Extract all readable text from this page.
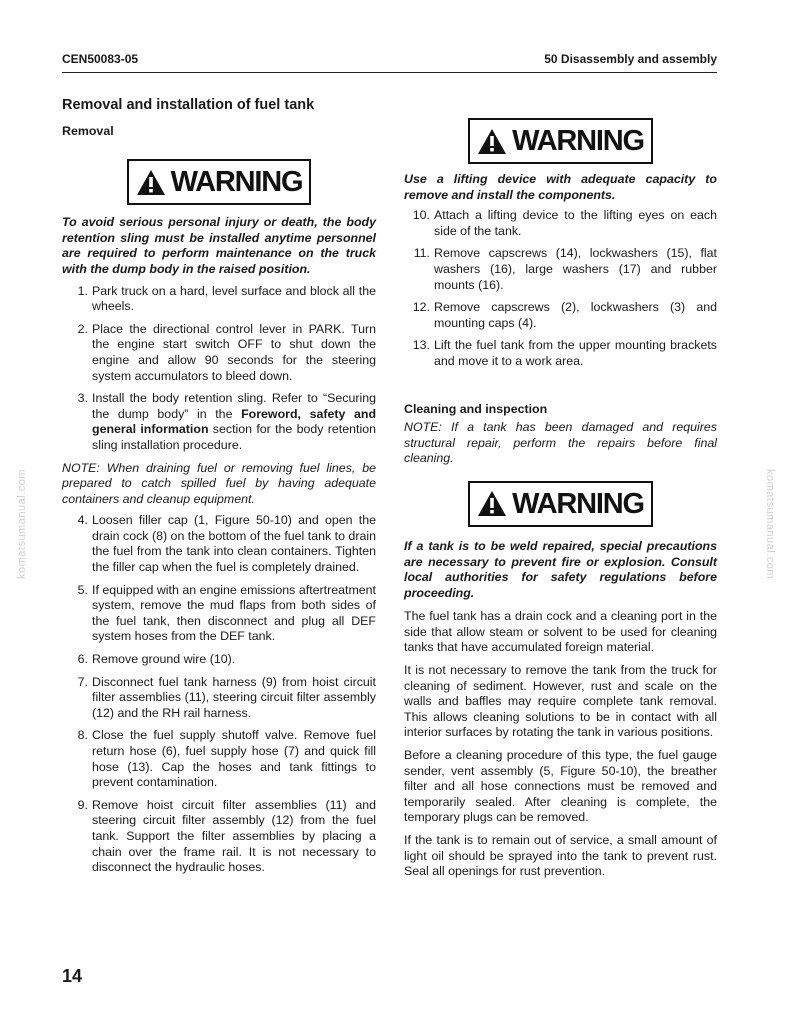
CEN50083-05	50 Disassembly and assembly
komatsumanual.com	komatsumanual.com
Removal and installation of fuel tank
Removal
WARNING

To avoid serious personal injury or death, the body retention sling must be installed anytime personnel are required to perform maintenance on the truck with the dump body in the raised position.

1. Park truck on a hard, level surface and block all the wheels.
2. Place the directional control lever in PARK. Turn the engine start switch OFF to shut down the engine and allow 90 seconds for the steering system accumulators to bleed down.
3. Install the body retention sling. Refer to “Securing the dump body” in the Foreword, safety and general information section for the body retention sling installation procedure.

NOTE: When draining fuel or removing fuel lines, be prepared to catch spilled fuel by having adequate containers and cleanup equipment.

4. Loosen filler cap (1, Figure 50-10) and open the drain cock (8) on the bottom of the fuel tank to drain the fuel from the tank into clean containers. Tighten the filler cap when the fuel is completely drained.
5. If equipped with an engine emissions aftertreatment system, remove the mud flaps from both sides of the fuel tank, then disconnect and plug all DEF system hoses from the DEF tank.
6. Remove ground wire (10).
7. Disconnect fuel tank harness (9) from hoist circuit filter assemblies (11), steering circuit filter assembly (12) and the RH rail harness.
8. Close the fuel supply shutoff valve. Remove fuel return hose (6), fuel supply hose (7) and quick fill hose (13). Cap the hoses and tank fittings to prevent contamination.
9. Remove hoist circuit filter assemblies (11) and steering circuit filter assembly (12) from the fuel tank. Support the filter assemblies by placing a chain over the frame rail. It is not necessary to disconnect the hydraulic hoses.
WARNING

Use a lifting device with adequate capacity to remove and install the components.

10. Attach a lifting device to the lifting eyes on each side of the tank.
11. Remove capscrews (14), lockwashers (15), flat washers (16), large washers (17) and rubber mounts (16).
12. Remove capscrews (2), lockwashers (3) and mounting caps (4).
13. Lift the fuel tank from the upper mounting brackets and move it to a work area.
Cleaning and inspection

NOTE: If a tank has been damaged and requires structural repair, perform the repairs before final cleaning.

WARNING

If a tank is to be weld repaired, special precautions are necessary to prevent fire or explosion. Consult local authorities for safety regulations before proceeding.

The fuel tank has a drain cock and a cleaning port in the side that allow steam or solvent to be used for cleaning tanks that have accumulated foreign material.

It is not necessary to remove the tank from the truck for cleaning of sediment. However, rust and scale on the walls and baffles may require complete tank removal. This allows cleaning solutions to be in contact with all interior surfaces by rotating the tank in various positions.

Before a cleaning procedure of this type, the fuel gauge sender, vent assembly (5, Figure 50-10), the breather filter and all hose connections must be removed and temporarily sealed. After cleaning is complete, the temporary plugs can be removed.

If the tank is to remain out of service, a small amount of light oil should be sprayed into the tank to prevent rust. Seal all openings for rust prevention.

14
